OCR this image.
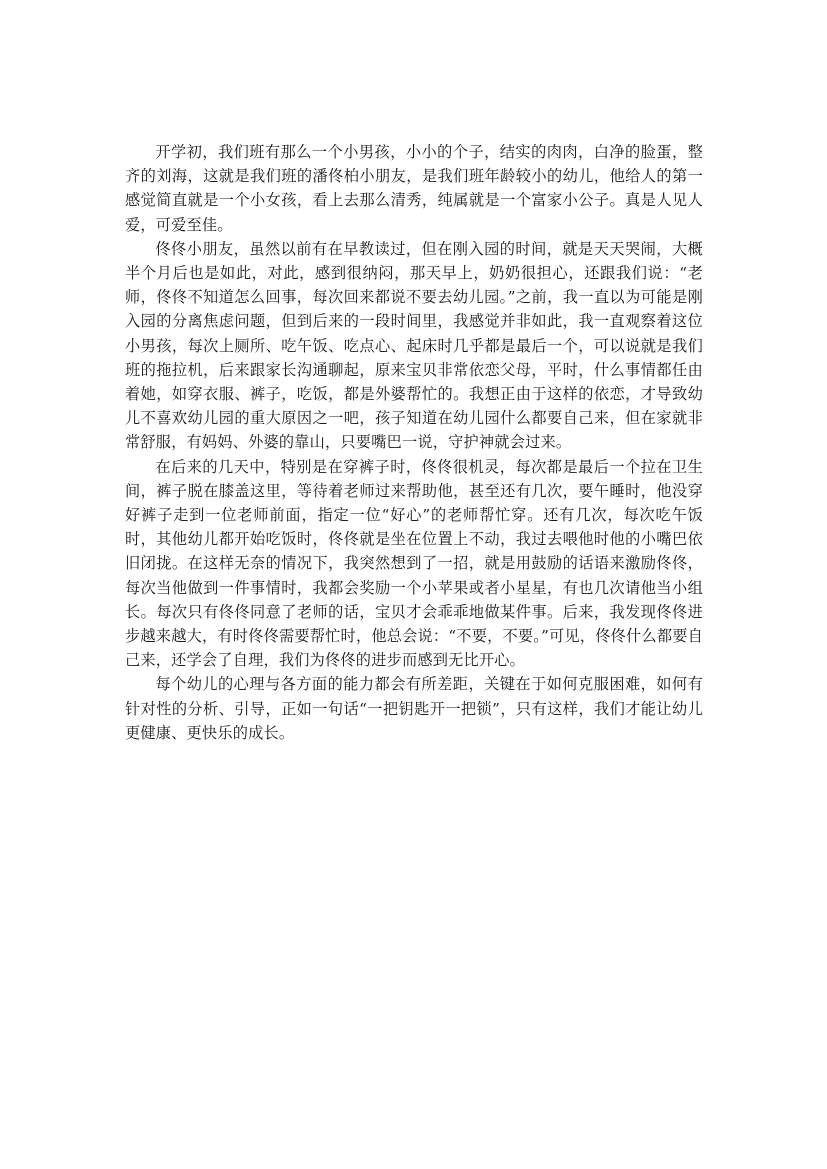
开学初，我们班有那么一个小男孩，小小的个子，结实的肉肉，白净的脸蛋，整齐的刘海，这就是我们班的潘佟柏小朋友，是我们班年龄较小的幼儿，他给人的第一感觉简直就是一个小女孩，看上去那么清秀，纯属就是一个富家小公子。真是人见人爱，可爱至佳。

佟佟小朋友，虽然以前有在早教读过，但在刚入园的时间，就是天天哭闹，大概半个月后也是如此，对此，感到很纳闷，那天早上，奶奶很担心，还跟我们说：“老师，佟佟不知道怎么回事，每次回来都说不要去幼儿园。”之前，我一直以为可能是刚入园的分离焦虑问题，但到后来的一段时间里，我感觉并非如此，我一直观察着这位小男孩，每次上厕所、吃午饭、吃点心、起床时几乎都是最后一个，可以说就是我们班的拖拉机，后来跟家长沟通聊起，原来宝贝非常依恋父母，平时，什么事情都任由着她，如穿衣服、裤子，吃饭，都是外婆帮忙的。我想正由于这样的依恋，才导致幼儿不喜欢幼儿园的重大原因之一吧，孩子知道在幼儿园什么都要自己来，但在家就非常舒服，有妈妈、外婆的靠山，只要嘴巴一说，守护神就会过来。

在后来的几天中，特别是在穿裤子时，佟佟很机灵，每次都是最后一个拉在卫生间，裤子脱在膝盖这里，等待着老师过来帮助他，甚至还有几次，要午睡时，他没穿好裤子走到一位老师前面，指定一位“好心”的老师帮忙穿。还有几次，每次吃午饭时，其他幼儿都开始吃饭时，佟佟就是坐在位置上不动，我过去喂他时他的小嘴巴依旧闭拢。在这样无奈的情况下，我突然想到了一招，就是用鼓励的话语来激励佟佟，每次当他做到一件事情时，我都会奖励一个小苹果或者小星星，有也几次请他当小组长。每次只有佟佟同意了老师的话，宝贝才会乖乖地做某件事。后来，我发现佟佟进步越来越大，有时佟佟需要帮忙时，他总会说：“不要，不要。”可见，佟佟什么都要自己来，还学会了自理，我们为佟佟的进步而感到无比开心。

每个幼儿的心理与各方面的能力都会有所差距，关键在于如何克服困难，如何有针对性的分析、引导，正如一句话“一把钥匙开一把锁”，只有这样，我们才能让幼儿更健康、更快乐的成长。
